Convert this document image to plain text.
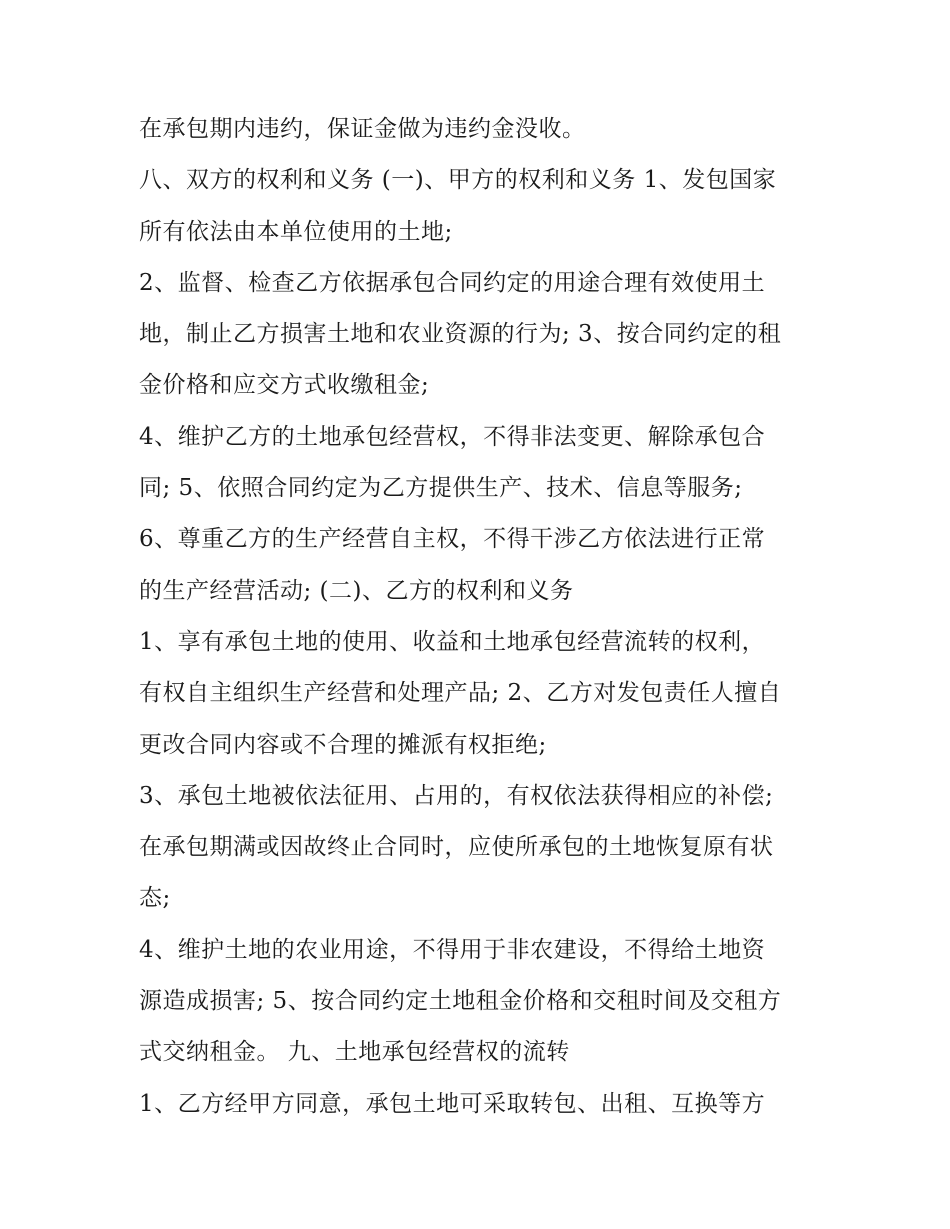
在承包期内违约，保证金做为违约金没收。
八、双方的权利和义务 (一)、甲方的权利和义务 1、发包国家
所有依法由本单位使用的土地;
2、监督、检查乙方依据承包合同约定的用途合理有效使用土
地，制止乙方损害土地和农业资源的行为; 3、按合同约定的租
金价格和应交方式收缴租金;
4、维护乙方的土地承包经营权，不得非法变更、解除承包合
同; 5、依照合同约定为乙方提供生产、技术、信息等服务;
6、尊重乙方的生产经营自主权，不得干涉乙方依法进行正常
的生产经营活动; (二)、乙方的权利和义务
1、享有承包土地的使用、收益和土地承包经营流转的权利，
有权自主组织生产经营和处理产品; 2、乙方对发包责任人擅自
更改合同内容或不合理的摊派有权拒绝;
3、承包土地被依法征用、占用的，有权依法获得相应的补偿;
在承包期满或因故终止合同时，应使所承包的土地恢复原有状
态;
4、维护土地的农业用途，不得用于非农建设，不得给土地资
源造成损害; 5、按合同约定土地租金价格和交租时间及交租方
式交纳租金。 九、土地承包经营权的流转
1、乙方经甲方同意，承包土地可采取转包、出租、互换等方
